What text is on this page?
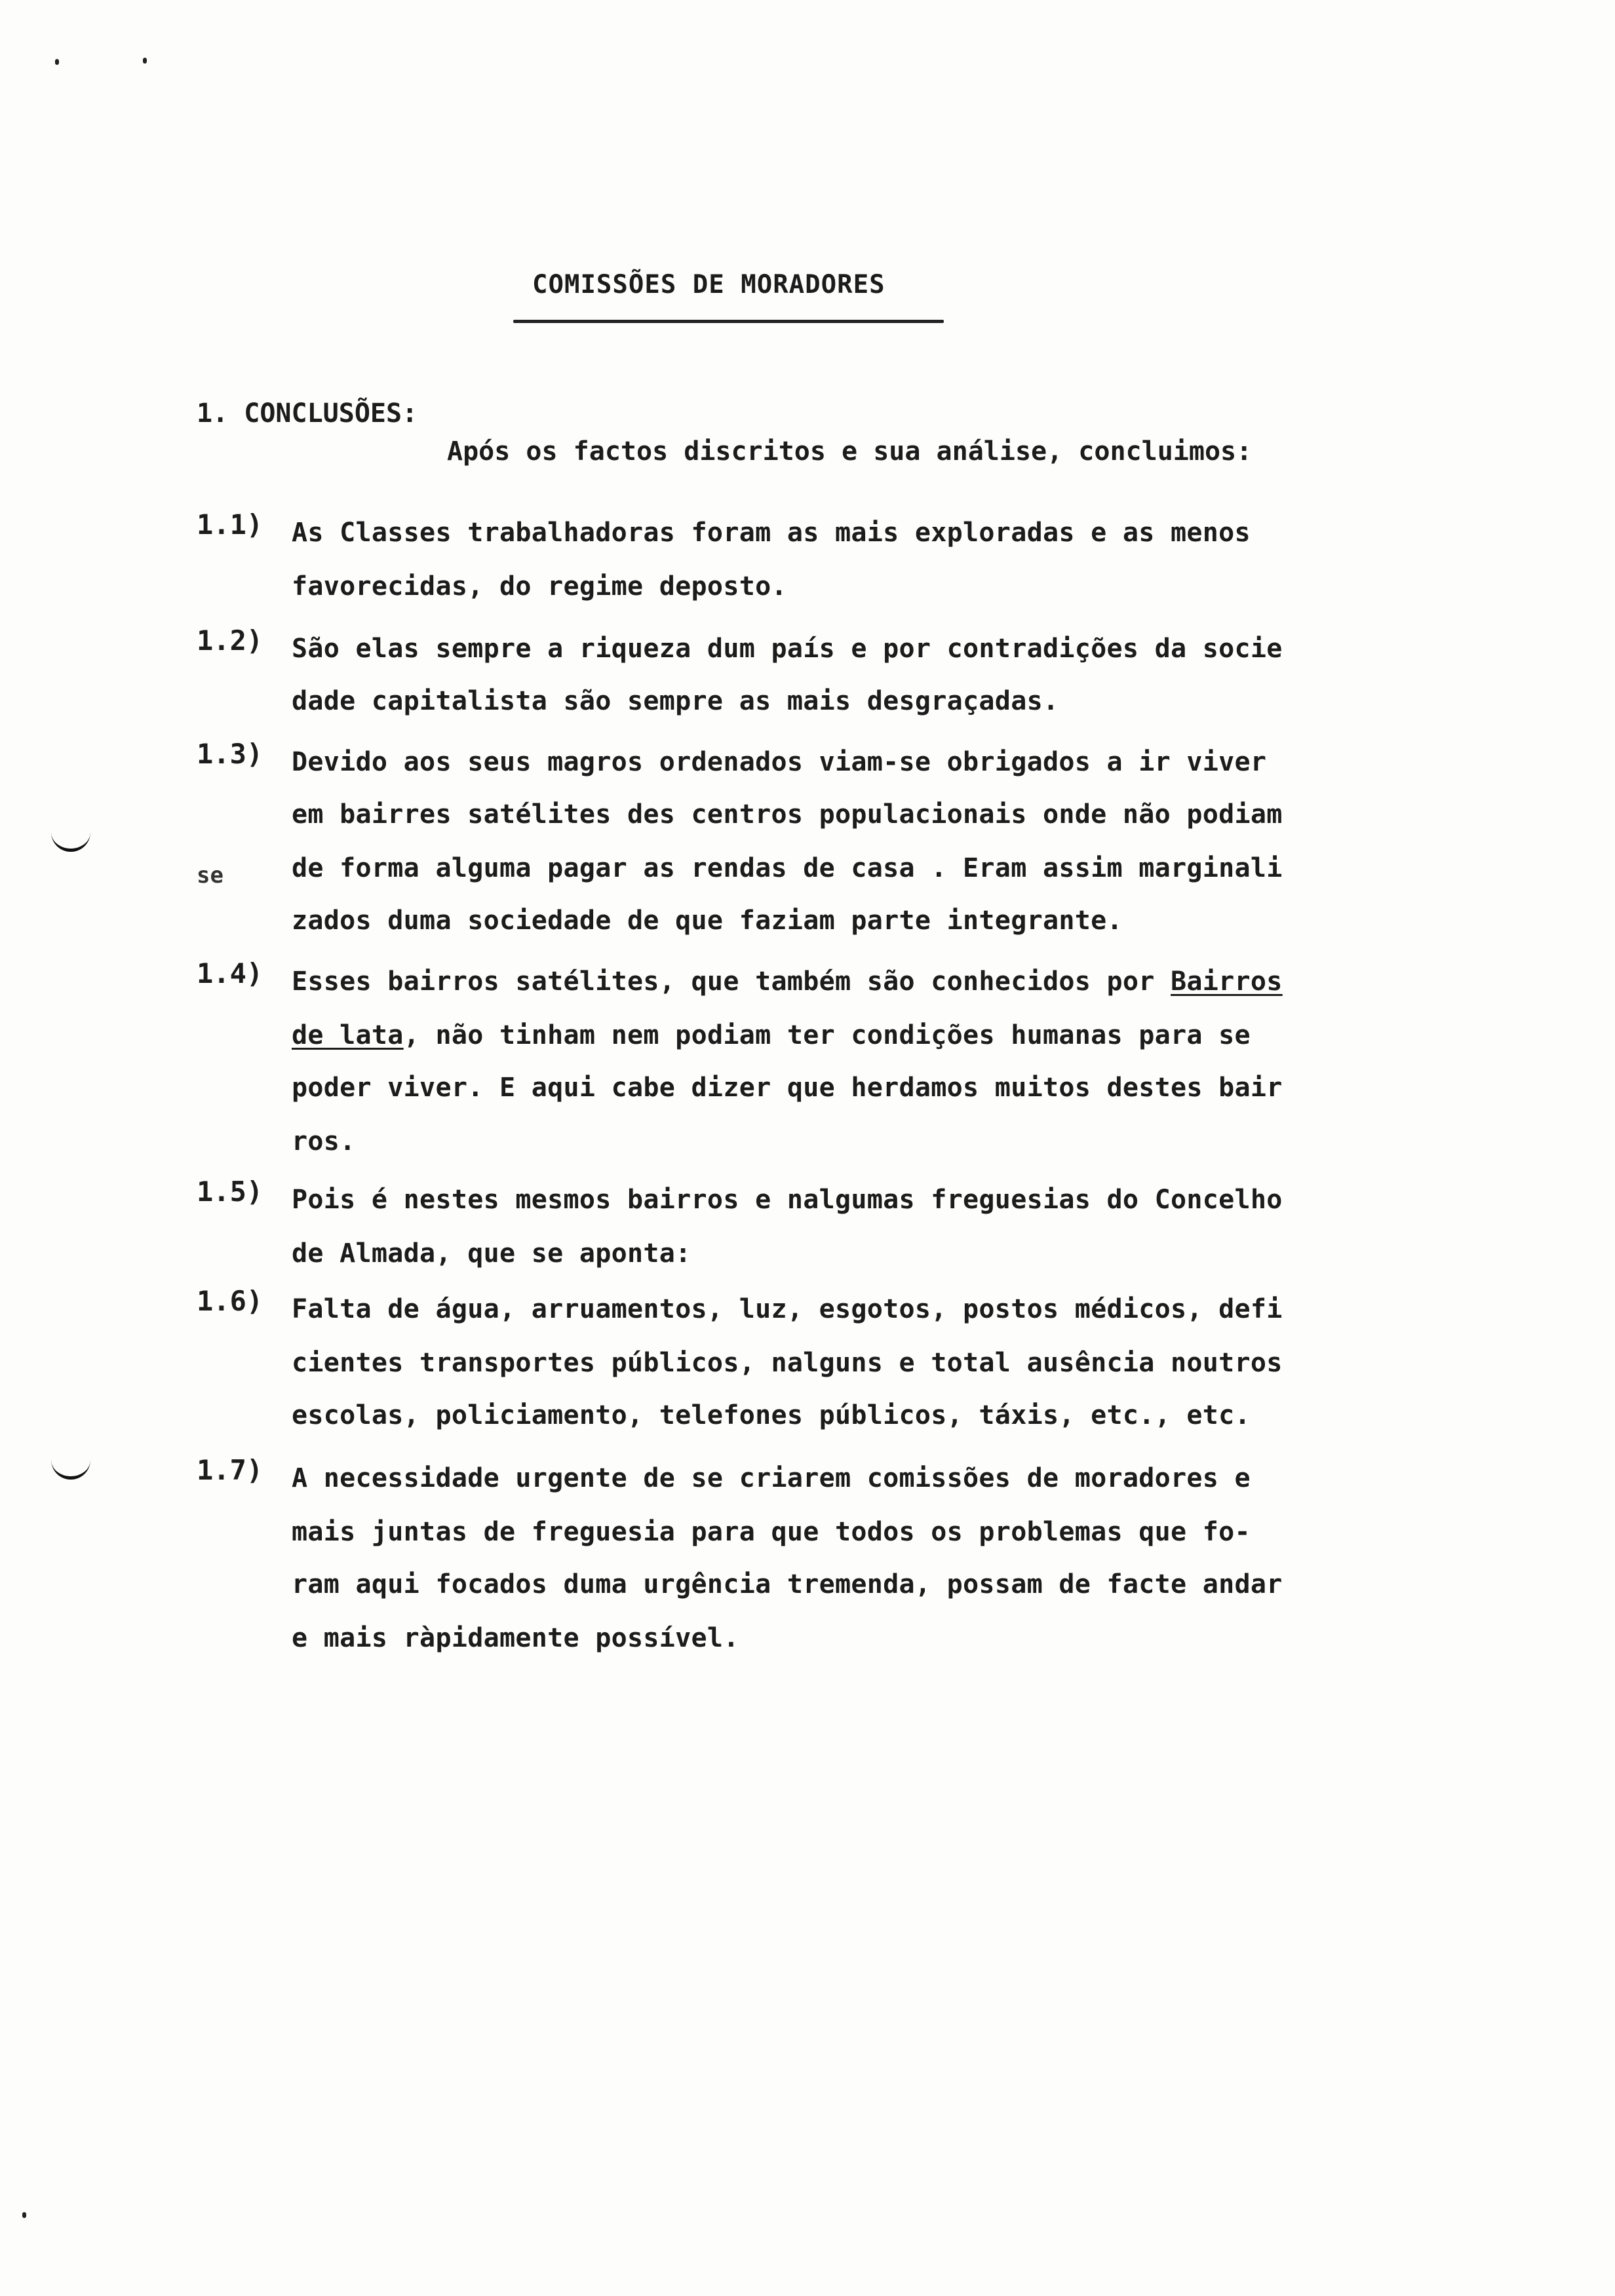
COMISSÕES DE MORADORES
1. CONCLUSÕES:
Após os factos discritos e sua análise, concluimos:
1.1) As Classes trabalhadoras foram as mais exploradas e as menos
favorecidas, do regime deposto.
1.2) São elas sempre a riqueza dum país e por contradições da socie
dade capitalista são sempre as mais desgraçadas.
1.3) Devido aos seus magros ordenados viam-se obrigados a ir viver
em bairres satélites des centros populacionais onde não podiam
de forma alguma pagar as rendas de casa . Eram assim marginali
zados duma sociedade de que faziam parte integrante.
se
1.4) Esses bairros satélites, que também são conhecidos por Bairros
de lata, não tinham nem podiam ter condições humanas para se
poder viver. E aqui cabe dizer que herdamos muitos destes bair
ros.
1.5) Pois é nestes mesmos bairros e nalgumas freguesias do Concelho
de Almada, que se aponta:
1.6) Falta de água, arruamentos, luz, esgotos, postos médicos, defi
cientes transportes públicos, nalguns e total ausência noutros
escolas, policiamento, telefones públicos, táxis, etc., etc.
1.7) A necessidade urgente de se criarem comissões de moradores e
mais juntas de freguesia para que todos os problemas que fo-
ram aqui focados duma urgência tremenda, possam de facte andar
e mais ràpidamente possível.
